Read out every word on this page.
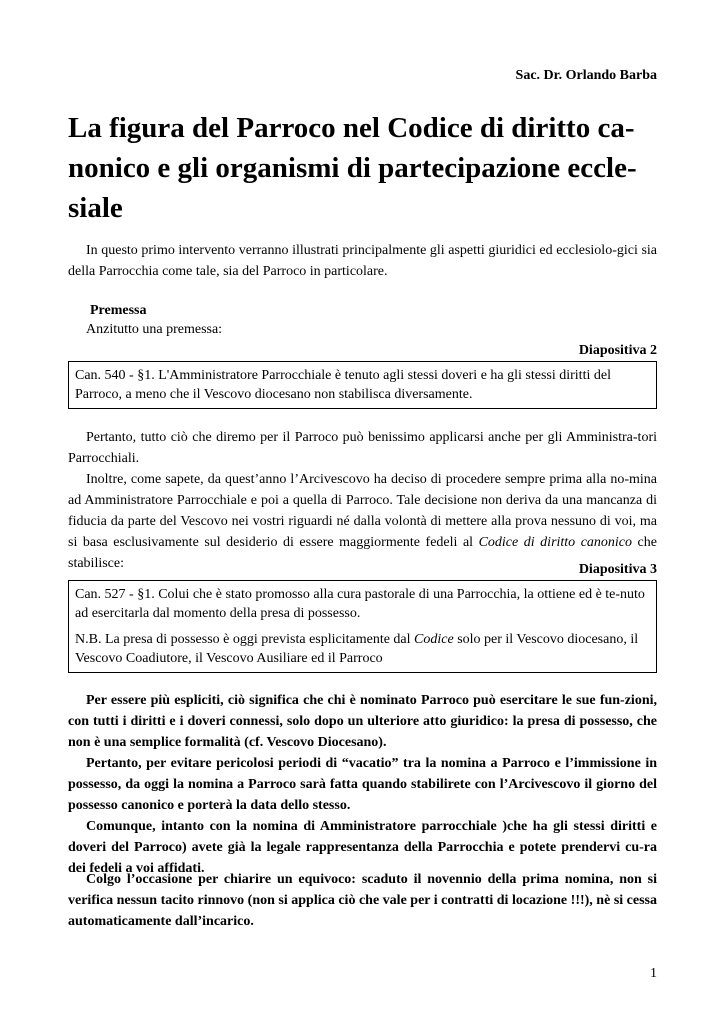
Sac. Dr. Orlando Barba
La figura del Parroco nel Codice di diritto ca-nonico e gli organismi di partecipazione eccle-siale

In questo primo intervento verranno illustrati principalmente gli aspetti giuridici ed ecclesiolo-gici sia della Parrocchia come tale, sia del Parroco in particolare.

Premessa
Anzitutto una premessa:
Diapositiva 2

Can. 540 - §1. L'Amministratore Parrocchiale è tenuto agli stessi doveri e ha gli stessi diritti del Parroco, a meno che il Vescovo diocesano non stabilisca diversamente.

Pertanto, tutto ciò che diremo per il Parroco può benissimo applicarsi anche per gli Amministra-tori Parrocchiali.

Inoltre, come sapete, da quest’anno l’Arcivescovo ha deciso di procedere sempre prima alla no-mina ad Amministratore Parrocchiale e poi a quella di Parroco. Tale decisione non deriva da una mancanza di fiducia da parte del Vescovo nei vostri riguardi né dalla volontà di mettere alla prova nessuno di voi, ma si basa esclusivamente sul desiderio di essere maggiormente fedeli al Codice di diritto canonico che stabilisce:	Diapositiva 3

Can. 527 - §1. Colui che è stato promosso alla cura pastorale di una Parrocchia, la ottiene ed è te-nuto ad esercitarla dal momento della presa di possesso.

N.B. La presa di possesso è oggi prevista esplicitamente dal Codice solo per il Vescovo diocesano, il Vescovo Coadiutore, il Vescovo Ausiliare ed il Parroco

Per essere più espliciti, ciò significa che chi è nominato Parroco può esercitare le sue fun-zioni, con tutti i diritti e i doveri connessi, solo dopo un ulteriore atto giuridico: la presa di possesso, che non è una semplice formalità (cf. Vescovo Diocesano).

Pertanto, per evitare pericolosi periodi di “vacatio” tra la nomina a Parroco e l’immissione in possesso, da oggi la nomina a Parroco sarà fatta quando stabilirete con l’Arcivescovo il giorno del possesso canonico e porterà la data dello stesso.

Comunque, intanto con la nomina di Amministratore parrocchiale )che ha gli stessi diritti e doveri del Parroco) avete già la legale rappresentanza della Parrocchia e potete prendervi cu-ra dei fedeli a voi affidati.

Colgo l’occasione per chiarire un equivoco: scaduto il novennio della prima nomina, non si verifica nessun tacito rinnovo (non si applica ciò che vale per i contratti di locazione !!!), nè si cessa automaticamente dall’incarico.

1
